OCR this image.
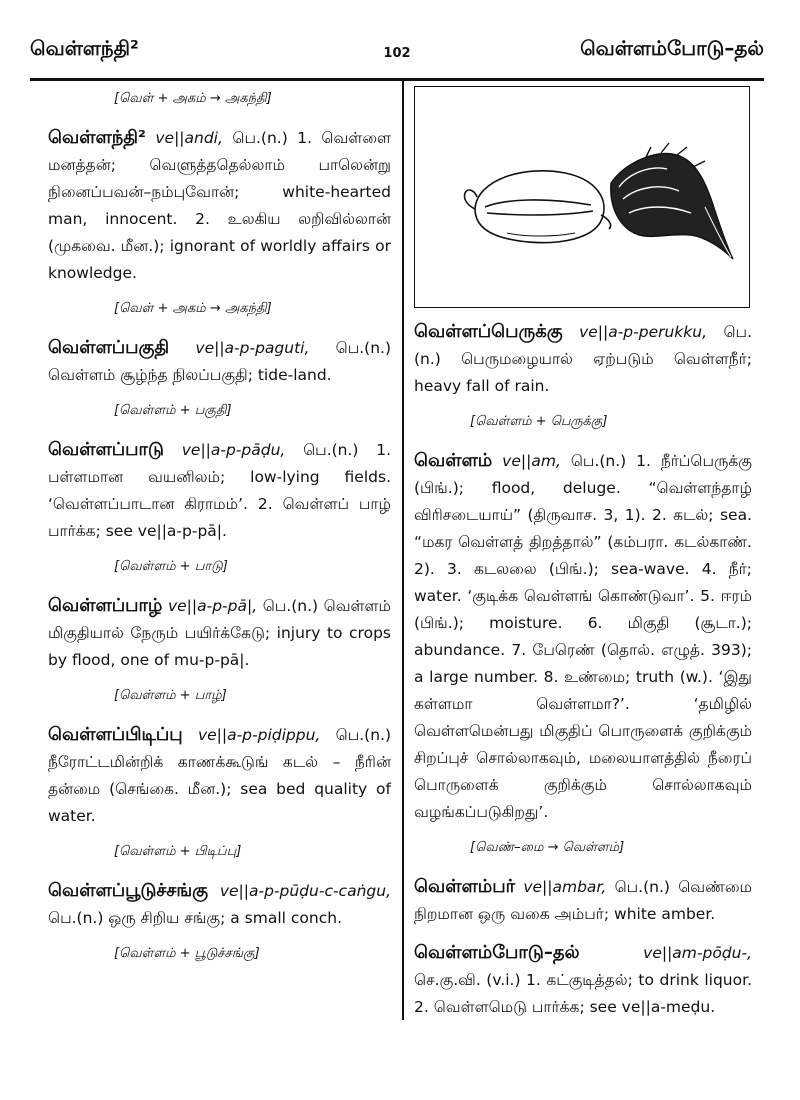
வெள்ளந்தி²	102	வெள்ளம்போடு–தல்
[வெள் + அகம் → அகந்தி]
வெள்ளந்தி² ve||andi, பெ.(n.) 1. வெள்ளை மனத்தன்; வெளுத்ததெல்லாம் பாலென்று நினைப்பவன்–நம்புவோன்; white-hearted man, innocent. 2. உலகிய லறிவில்லான் (முகவை. மீன.); ignorant of worldly affairs or knowledge.
[வெள் + அகம் → அகந்தி]
வெள்ளப்பகுதி ve||a-p-paguti, பெ.(n.) வெள்ளம் சூழ்ந்த நிலப்பகுதி; tide-land.
[வெள்ளம் + பகுதி]
வெள்ளப்பாடு ve||a-p-pāḍu, பெ.(n.) 1. பள்ளமான வயனிலம்; low-lying fields. ‘வெள்ளப்பாடான கிராமம்’. 2. வெள்ளப் பாழ் பார்க்க; see ve||a-p-pā|.
[வெள்ளம் + பாடு]
வெள்ளப்பாழ் ve||a-p-pā|, பெ.(n.) வெள்ளம் மிகுதியால் நேரும் பயிர்க்கேடு; injury to crops by flood, one of mu-p-pā|.
[வெள்ளம் + பாழ்]
வெள்ளப்பிடிப்பு ve||a-p-piḍippu, பெ.(n.) நீரோட்டமின்றிக் காணக்கூடுங் கடல் – நீரின் தன்மை (செங்கை. மீன.); sea bed quality of water.
[வெள்ளம் + பிடிப்பு]
வெள்ளப்பூடுச்சங்கு ve||a-p-pūḍu-c-caṅgu, பெ.(n.) ஒரு சிறிய சங்கு; a small conch.
[வெள்ளம் + பூடுச்சங்கு]
வெள்ளப்பெருக்கு ve||a-p-perukku, பெ.(n.) பெருமழையால் ஏற்படும் வெள்ளநீர்; heavy fall of rain.
[வெள்ளம் + பெருக்கு]
வெள்ளம் ve||am, பெ.(n.) 1. நீர்ப்பெருக்கு (பிங்.); flood, deluge. “வெள்ளந்தாழ் விரிசடையாய்” (திருவாச. 3, 1). 2. கடல்; sea. “மகர வெள்ளத் திறத்தால்” (கம்பரா. கடல்காண். 2). 3. கடலலை (பிங்.); sea-wave. 4. நீர்; water. ‘குடிக்க வெள்ளங் கொண்டுவா’. 5. ஈரம் (பிங்.); moisture. 6. மிகுதி (சூடா.); abundance. 7. பேரெண் (தொல். எழுத். 393); a large number. 8. உண்மை; truth (w.). ‘இது கள்ளமா வெள்ளமா?’. ‘தமிழில் வெள்ளமென்பது மிகுதிப் பொருளைக் குறிக்கும் சிறப்புச் சொல்லாகவும், மலையாளத்தில் நீரைப் பொருளைக் குறிக்கும் சொல்லாகவும் வழங்கப்படுகிறது’.
[வெண்–மை → வெள்ளம்]
வெள்ளம்பர் ve||ambar, பெ.(n.) வெண்மை நிறமான ஒரு வகை அம்பர்; white amber.
வெள்ளம்போடு–தல்	ve||am-pōḍu-, செ.கு.வி. (v.i.) 1. கட்குடித்தல்; to drink liquor. 2. வெள்ளமெடு பார்க்க; see ve||a-meḍu.
